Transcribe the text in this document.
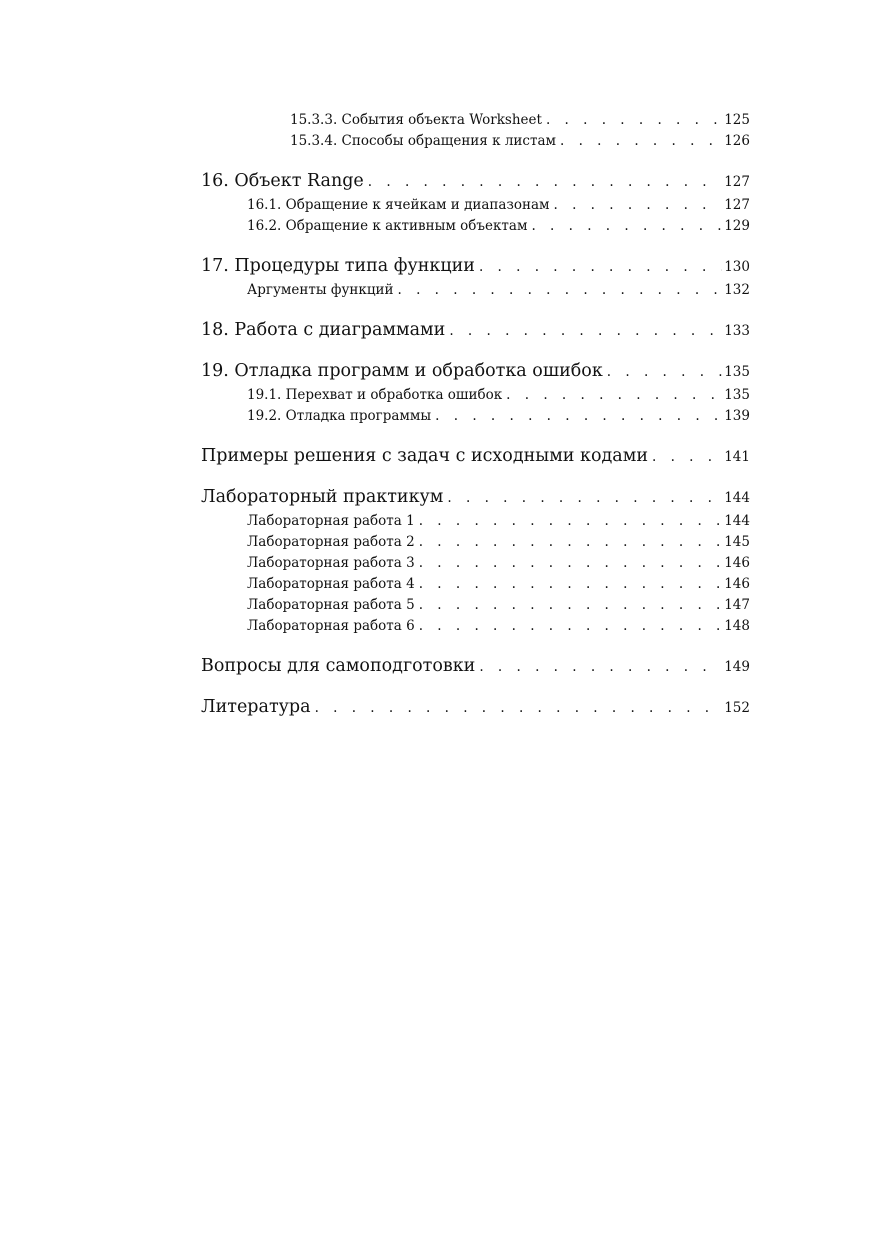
15.3.3. События объекта Worksheet . . .	125
15.3.4. Способы обращения к листам . . .	126
16. Объект Range . . .	127
16.1. Обращение к ячейкам и диапазонам . . .	127
16.2. Обращение к активным объектам . . .	129
17. Процедуры типа функции . . .	130
Аргументы функций . . .	132
18. Работа с диаграммами . . .	133
19. Отладка программ и обработка ошибок . . .	135
19.1. Перехват и обработка ошибок . . .	135
19.2. Отладка программы . . .	139
Примеры решения с задач с исходными кодами . . .	141
Лабораторный практикум . . .	144
Лабораторная работа 1 . . .	144
Лабораторная работа 2 . . .	145
Лабораторная работа 3 . . .	146
Лабораторная работа 4 . . .	146
Лабораторная работа 5 . . .	147
Лабораторная работа 6 . . .	148
Вопросы для самоподготовки . . .	149
Литература . . .	152
